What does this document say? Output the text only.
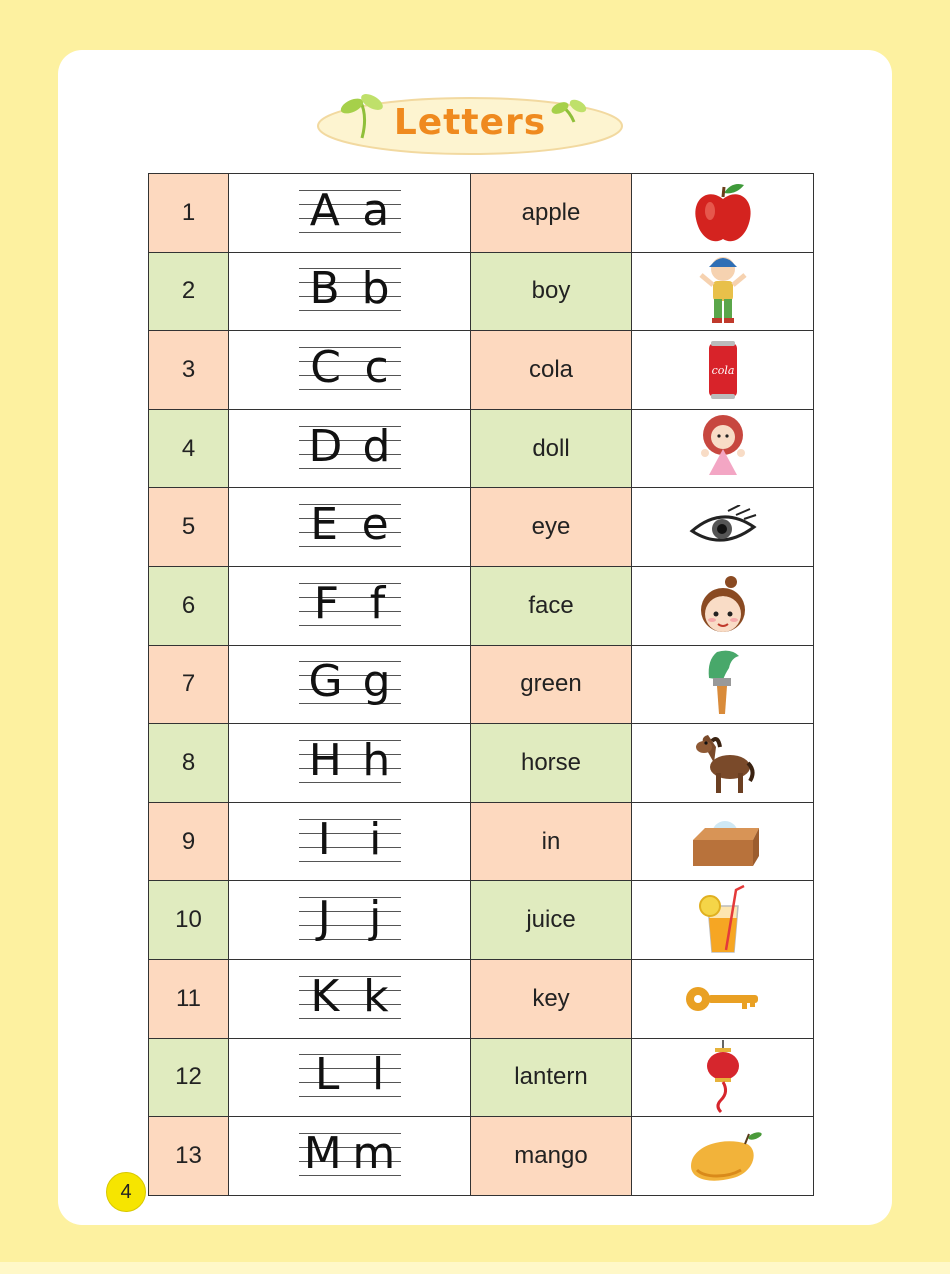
Letters
1	A a	apple	

2	B b	boy	

3	C c	cola	cola

4	D d	doll	

5	E e	eye	

6	F f	face	

7	G g	green	

8	H h	horse	

9	I i	in	

10	J j	juice	

11	K k	key	

12	L l	lantern	

13	M m	mango	
4
